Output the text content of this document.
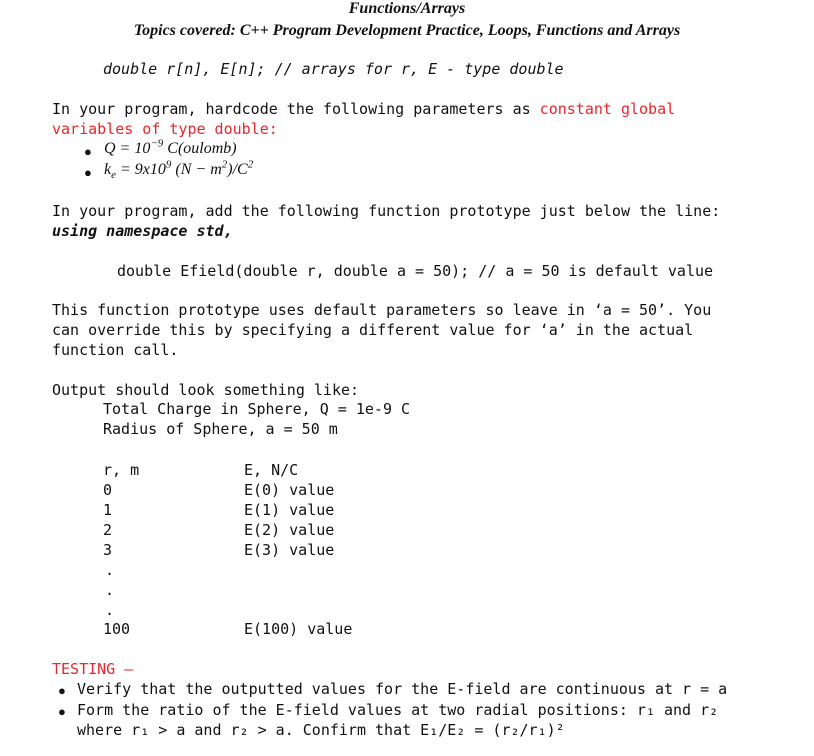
Functions/Arrays
Topics covered: C++ Program Development Practice, Loops, Functions and Arrays
double r[n], E[n]; // arrays for r, E - type double
In your program, hardcode the following parameters as constant global
variables of type double:
● $Q = 10^{-9}$ C(oulomb)
● $k_e = 9x10^9$ $(N - m^2)/C^2$
In your program, add the following function prototype just below the line:
using namespace std,
double Efield(double r, double a = 50); // a = 50 is default value
This function prototype uses default parameters so leave in ‘a = 50’. You
can override this by specifying a different value for ‘a’ in the actual
function call.
Output should look something like:
Total Charge in Sphere, Q = 1e-9 C
Radius of Sphere, a = 50 m
r, m	E, N/C
0	E(0) value
1	E(1) value
2	E(2) value
3	E(3) value
.
.
.
100	E(100) value
TESTING –
● Verify that the outputted values for the E-field are continuous at r = a
● Form the ratio of the E-field values at two radial positions: r₁ and r₂
where r₁ > a and r₂ > a. Confirm that E₁/E₂ = (r₂/r₁)²
